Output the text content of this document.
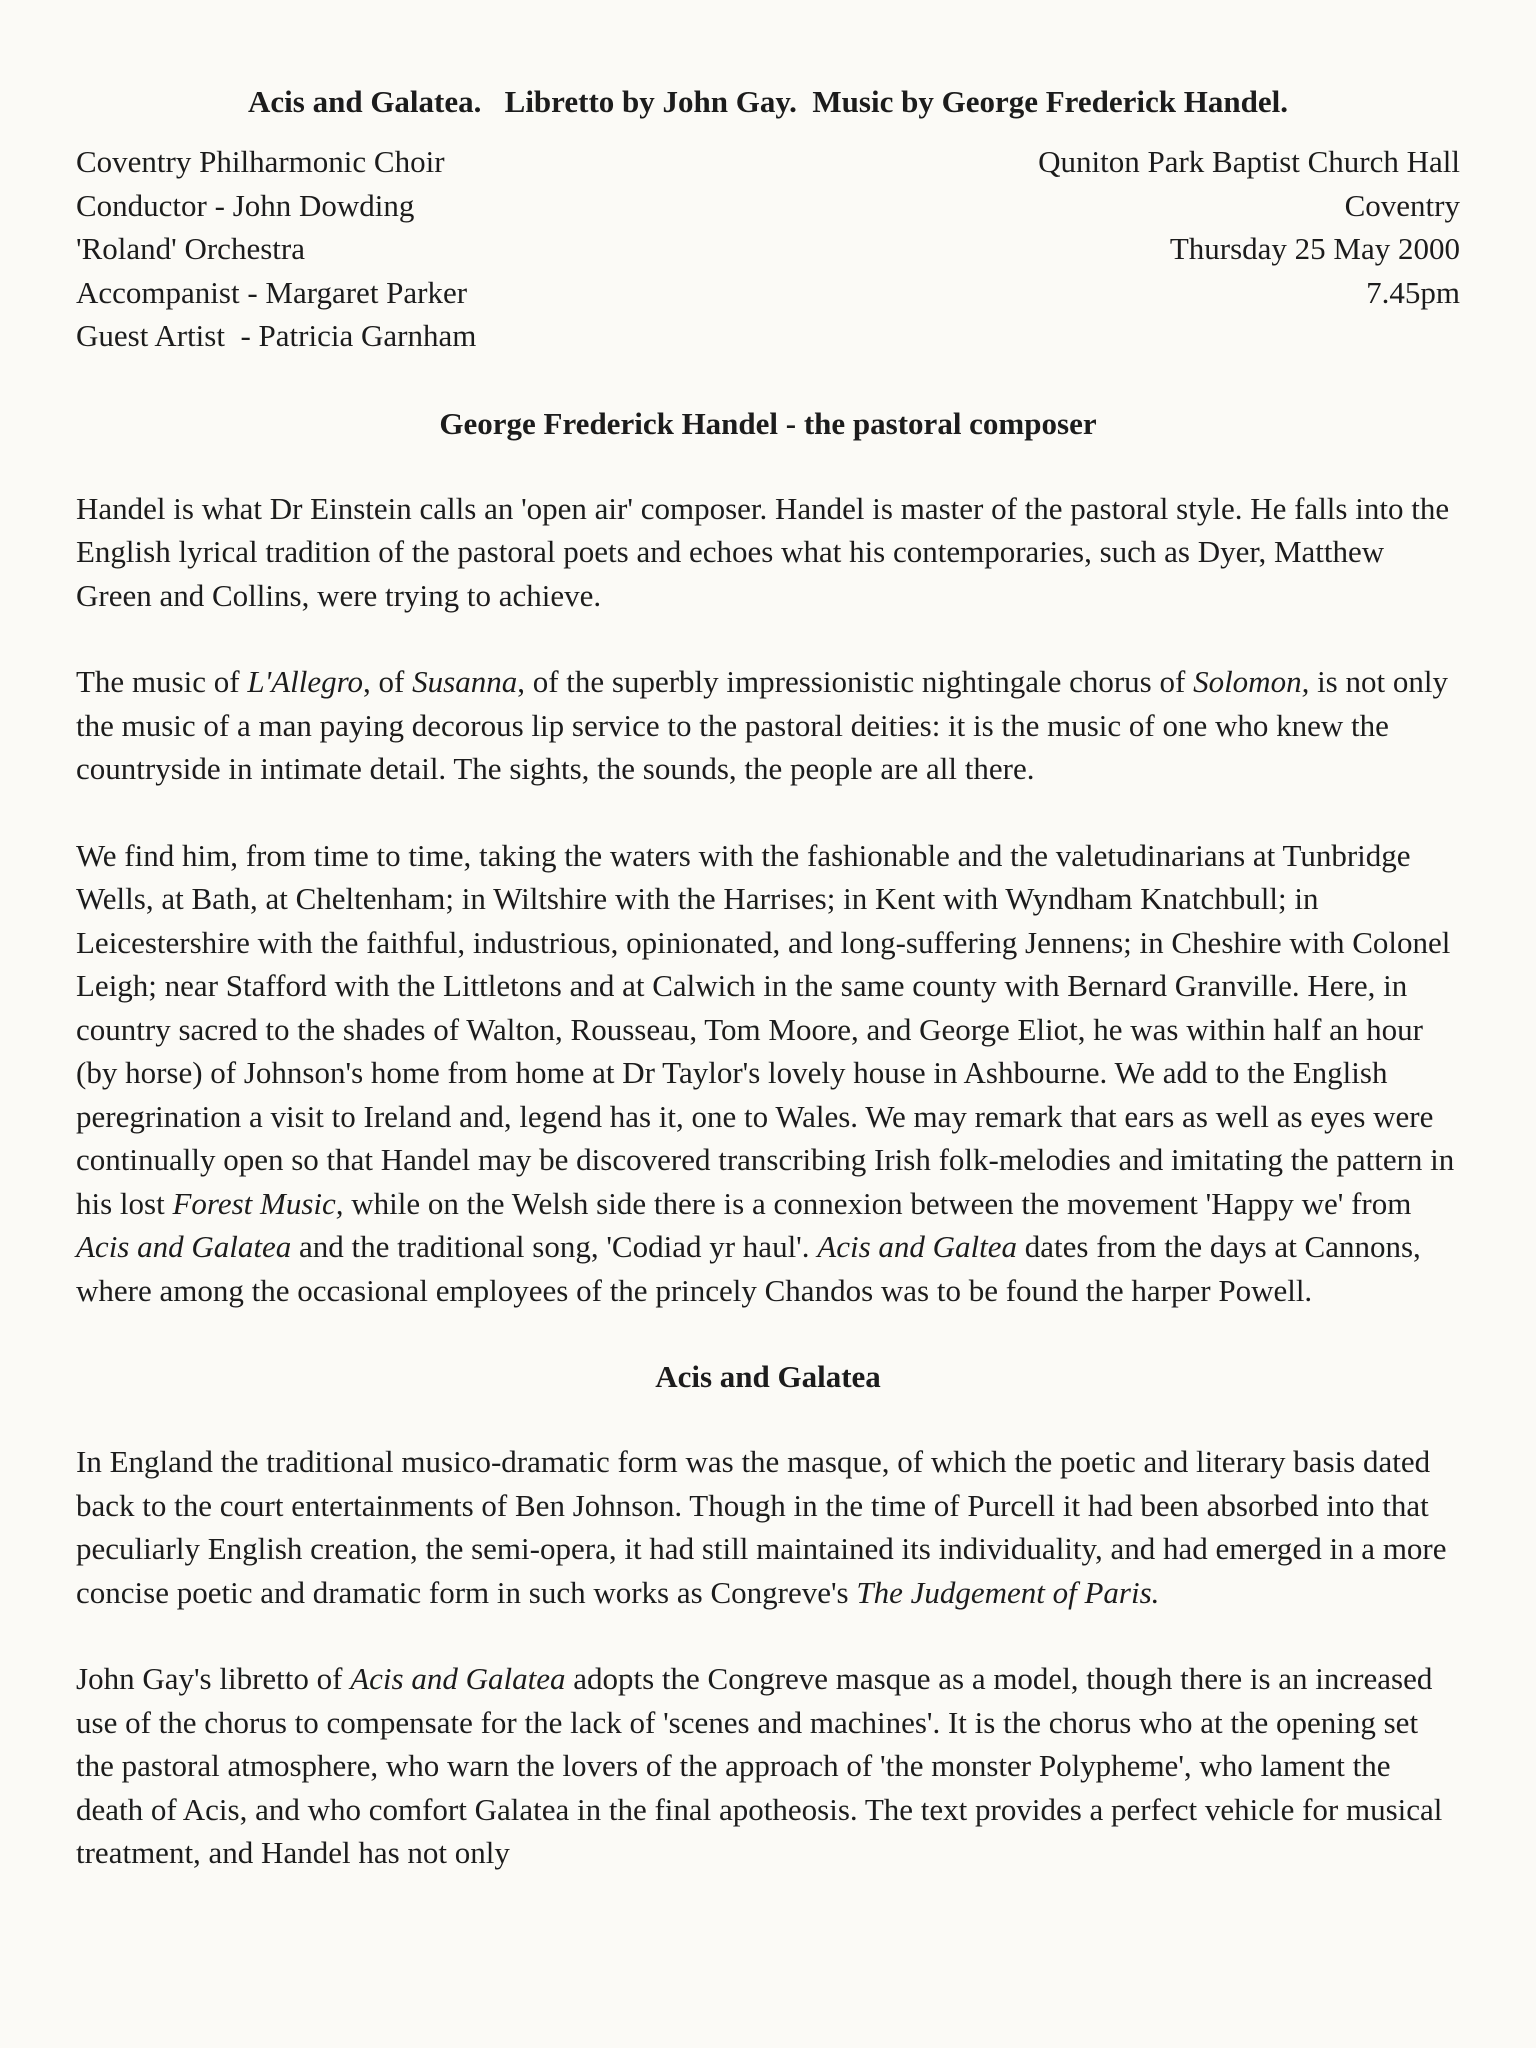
Acis and Galatea. Libretto by John Gay. Music by George Frederick Handel.
Coventry Philharmonic Choir
Conductor - John Dowding
'Roland' Orchestra
Accompanist - Margaret Parker
Guest Artist  - Patricia Garnham
Quniton Park Baptist Church Hall
Coventry
Thursday 25 May 2000
7.45pm
George Frederick Handel - the pastoral composer

Handel is what Dr Einstein calls an 'open air' composer. Handel is master of the pastoral style. He falls into the English lyrical tradition of the pastoral poets and echoes what his contemporaries, such as Dyer, Matthew Green and Collins, were trying to achieve.

The music of L'Allegro, of Susanna, of the superbly impressionistic nightingale chorus of Solomon, is not only the music of a man paying decorous lip service to the pastoral deities: it is the music of one who knew the countryside in intimate detail. The sights, the sounds, the people are all there.

We find him, from time to time, taking the waters with the fashionable and the valetudinarians at Tunbridge Wells, at Bath, at Cheltenham; in Wiltshire with the Harrises; in Kent with Wyndham Knatchbull; in Leicestershire with the faithful, industrious, opinionated, and long-suffering Jennens; in Cheshire with Colonel Leigh; near Stafford with the Littletons and at Calwich in the same county with Bernard Granville. Here, in country sacred to the shades of Walton, Rousseau, Tom Moore, and George Eliot, he was within half an hour (by horse) of Johnson's home from home at Dr Taylor's lovely house in Ashbourne. We add to the English peregrination a visit to Ireland and, legend has it, one to Wales. We may remark that ears as well as eyes were continually open so that Handel may be discovered transcribing Irish folk-melodies and imitating the pattern in his lost Forest Music, while on the Welsh side there is a connexion between the movement 'Happy we' from Acis and Galatea and the traditional song, 'Codiad yr haul'. Acis and Galtea dates from the days at Cannons, where among the occasional employees of the princely Chandos was to be found the harper Powell.

Acis and Galatea

In England the traditional musico-dramatic form was the masque, of which the poetic and literary basis dated back to the court entertainments of Ben Johnson. Though in the time of Purcell it had been absorbed into that peculiarly English creation, the semi-opera, it had still maintained its individuality, and had emerged in a more concise poetic and dramatic form in such works as Congreve's The Judgement of Paris.

John Gay's libretto of Acis and Galatea adopts the Congreve masque as a model, though there is an increased use of the chorus to compensate for the lack of 'scenes and machines'. It is the chorus who at the opening set the pastoral atmosphere, who warn the lovers of the approach of 'the monster Polypheme', who lament the death of Acis, and who comfort Galatea in the final apotheosis. The text provides a perfect vehicle for musical treatment, and Handel has not only
